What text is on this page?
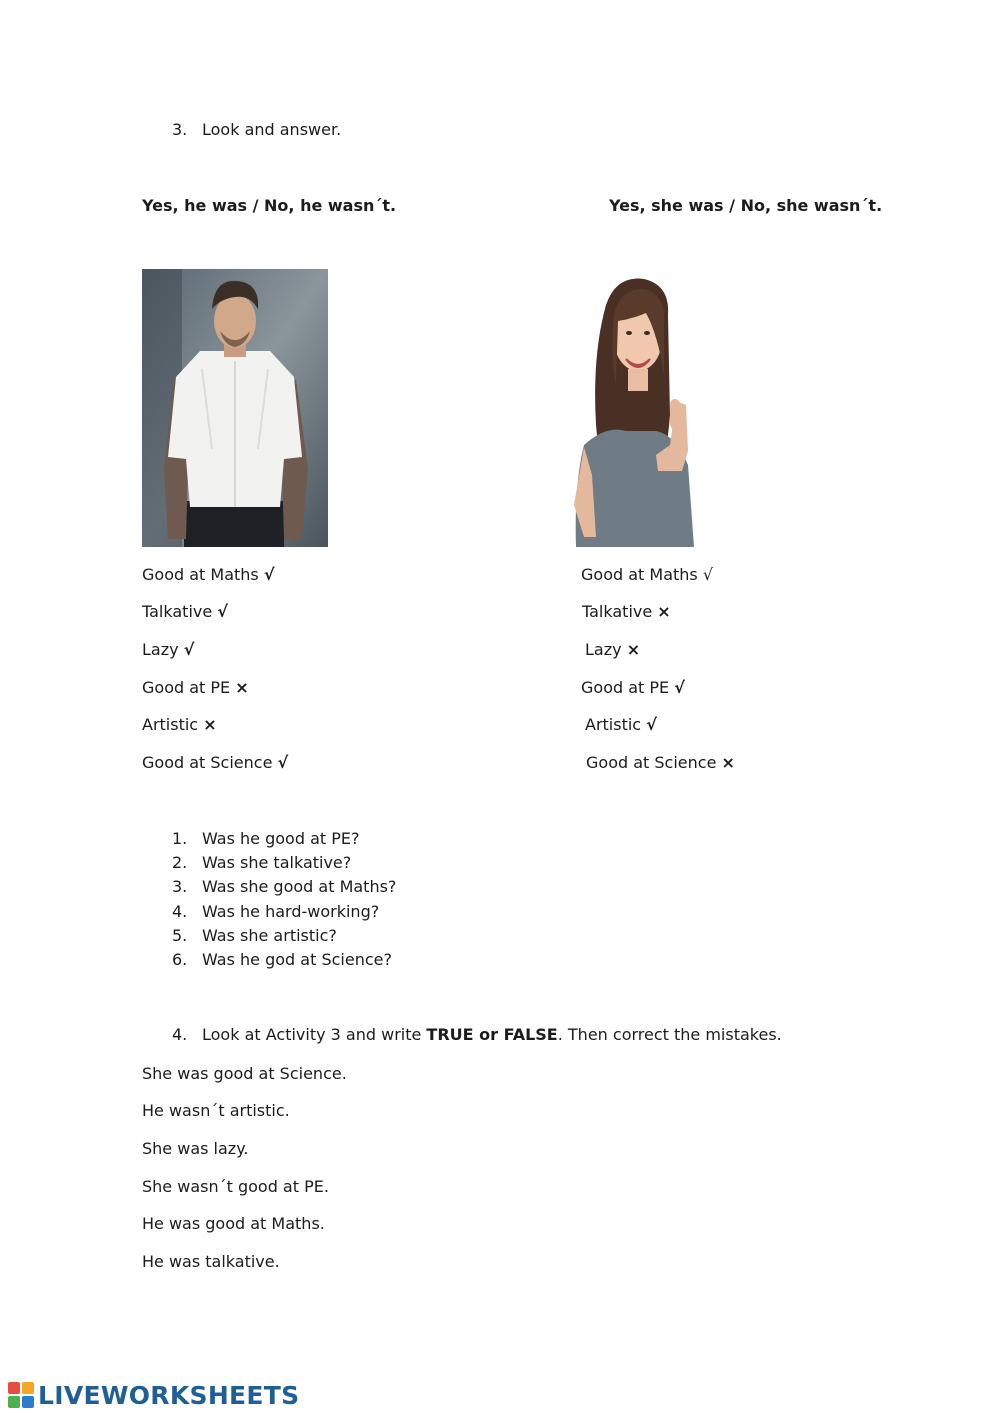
3. Look and answer.
Yes, he was / No, he wasn´t.	Yes, she was / No, she wasn´t.
Good at Maths √
Talkative √
Lazy √
Good at PE ×
Artistic ×
Good at Science √
Good at Maths √
Talkative ×
Lazy ×
Good at PE √
Artistic √
Good at Science ×
1. Was he good at PE?
2. Was she talkative?
3. Was she good at Maths?
4. Was he hard-working?
5. Was she artistic?
6. Was he god at Science?
4. Look at Activity 3 and write TRUE or FALSE. Then correct the mistakes.
She was good at Science.
He wasn´t artistic.
She was lazy.
She wasn´t good at PE.
He was good at Maths.
He was talkative.
LIVEWORKSHEETS
